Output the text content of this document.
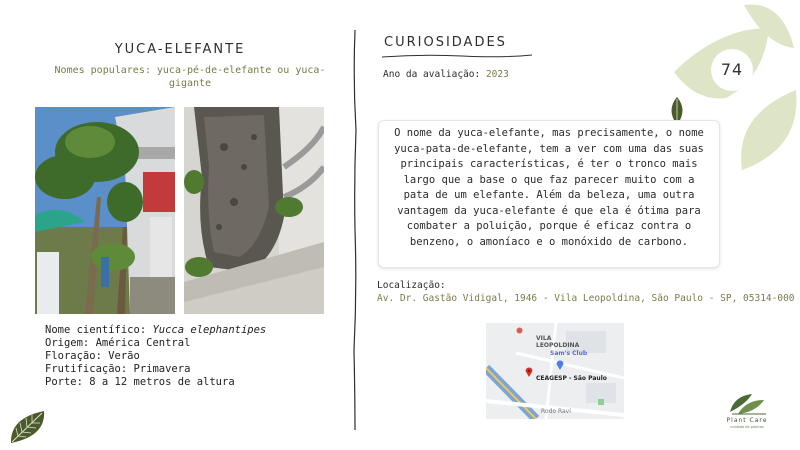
YUCA-ELEFANTE
Nomes populares: yuca-pé-de-elefante ou yuca-gigante
Nome científico: Yucca elephantipes
Origem: América Central
Floração: Verão
Frutificação: Primavera
Porte: 8 a 12 metros de altura
CURIOSIDADES
Ano da avaliação: 2023

O nome da yuca-elefante, mas precisamente, o nome yuca-pata-de-elefante, tem a ver com uma das suas principais características, é ter o tronco mais largo que a base o que faz parecer muito com a pata de um elefante. Além da beleza, uma outra vantagem da yuca-elefante é que ela é ótima para combater a poluição, porque é eficaz contra o benzeno, o amoníaco e o monóxido de carbono.

Localização:
Av. Dr. Gastão Vidigal, 1946 - Vila Leopoldina, São Paulo - SP, 05314-000
VILA LEOPOLDINA
Sam's Club
CEAGESP - São Paulo
Rodo Ravi
74
Plant Care
cuidado de plantas
